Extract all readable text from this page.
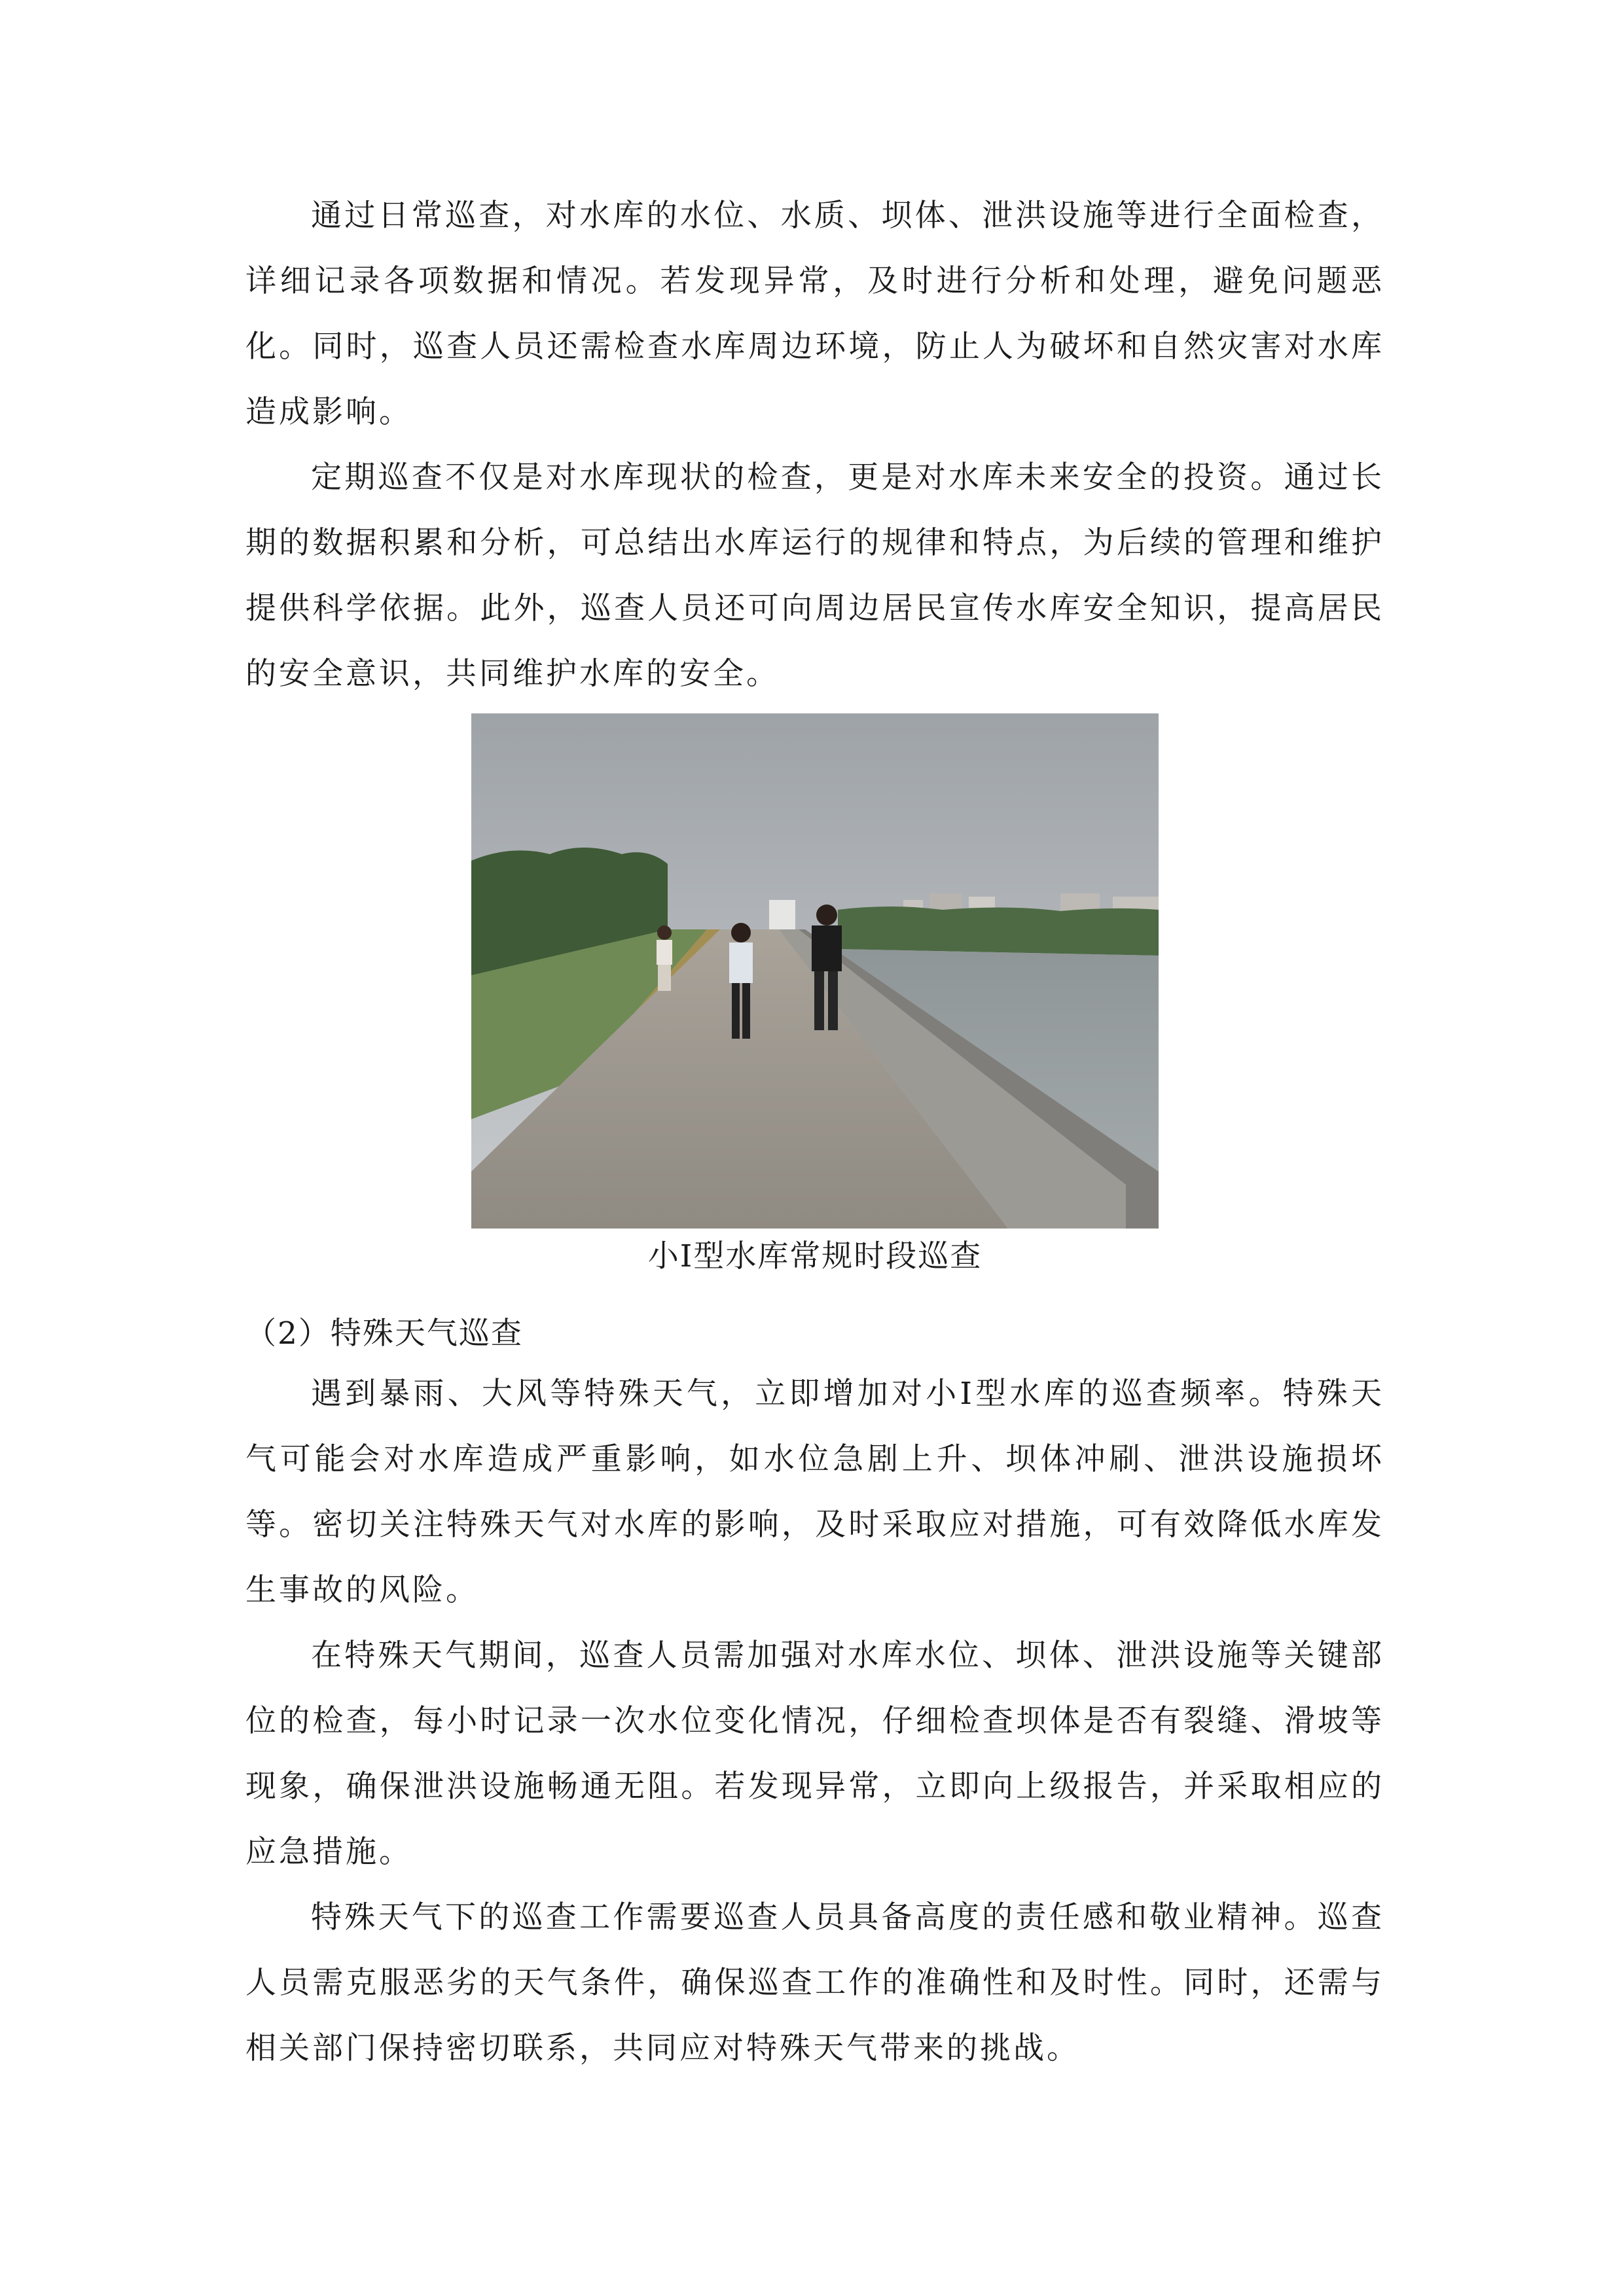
通过日常巡查，对水库的水位、水质、坝体、泄洪设施等进行全面检查，详细记录各项数据和情况。若发现异常，及时进行分析和处理，避免问题恶化。同时，巡查人员还需检查水库周边环境，防止人为破坏和自然灾害对水库造成影响。

定期巡查不仅是对水库现状的检查，更是对水库未来安全的投资。通过长期的数据积累和分析，可总结出水库运行的规律和特点，为后续的管理和维护提供科学依据。此外，巡查人员还可向周边居民宣传水库安全知识，提高居民的安全意识，共同维护水库的安全。

小Ⅰ型水库常规时段巡查

（2）特殊天气巡查

遇到暴雨、大风等特殊天气，立即增加对小Ⅰ型水库的巡查频率。特殊天气可能会对水库造成严重影响，如水位急剧上升、坝体冲刷、泄洪设施损坏等。密切关注特殊天气对水库的影响，及时采取应对措施，可有效降低水库发生事故的风险。

在特殊天气期间，巡查人员需加强对水库水位、坝体、泄洪设施等关键部位的检查，每小时记录一次水位变化情况，仔细检查坝体是否有裂缝、滑坡等现象，确保泄洪设施畅通无阻。若发现异常，立即向上级报告，并采取相应的应急措施。

特殊天气下的巡查工作需要巡查人员具备高度的责任感和敬业精神。巡查人员需克服恶劣的天气条件，确保巡查工作的准确性和及时性。同时，还需与相关部门保持密切联系，共同应对特殊天气带来的挑战。
